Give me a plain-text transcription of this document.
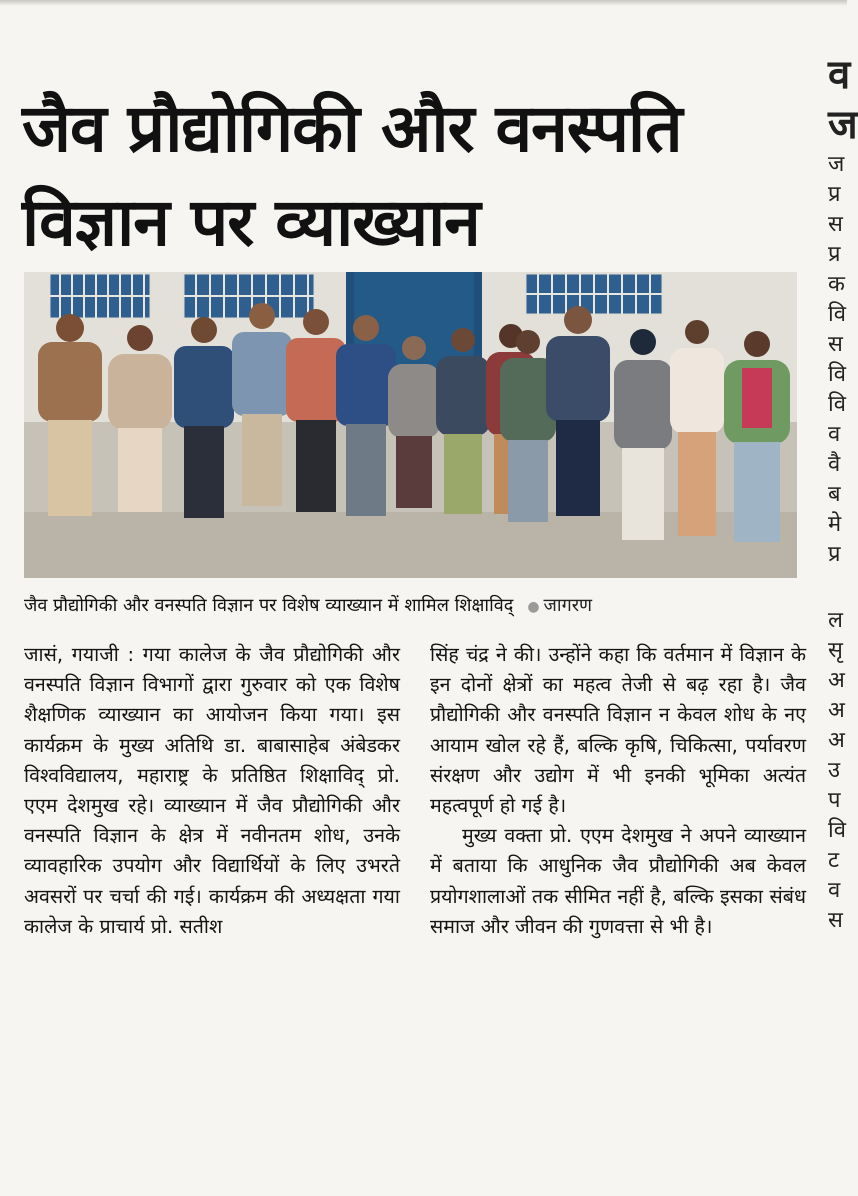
जैव प्रौद्योगिकी और वनस्पति
विज्ञान पर व्याख्यान
जैव प्रौद्योगिकी और वनस्पति विज्ञान पर विशेष व्याख्यान में शामिल शिक्षाविद् ● जागरण

जासं, गयाजी : गया कालेज के जैव प्रौद्योगिकी और वनस्पति विज्ञान विभागों द्वारा गुरुवार को एक विशेष शैक्षणिक व्याख्यान का आयोजन किया गया। इस कार्यक्रम के मुख्य अतिथि डा. बाबासाहेब अंबेडकर विश्वविद्यालय, महाराष्ट्र के प्रतिष्ठित शिक्षाविद् प्रो. एएम देशमुख रहे। व्याख्यान में जैव प्रौद्योगिकी और वनस्पति विज्ञान के क्षेत्र में नवीनतम शोध, उनके व्यावहारिक उपयोग और विद्यार्थियों के लिए उभरते अवसरों पर चर्चा की गई। कार्यक्रम की अध्यक्षता गया कालेज के प्राचार्य प्रो. सतीश

सिंह चंद्र ने की। उन्होंने कहा कि वर्तमान में विज्ञान के इन दोनों क्षेत्रों का महत्व तेजी से बढ़ रहा है। जैव प्रौद्योगिकी और वनस्पति विज्ञान न केवल शोध के नए आयाम खोल रहे हैं, बल्कि कृषि, चिकित्सा, पर्यावरण संरक्षण और उद्योग में भी इनकी भूमिका अत्यंत महत्वपूर्ण हो गई है।

मुख्य वक्ता प्रो. एएम देशमुख ने अपने व्याख्यान में बताया कि आधुनिक जैव प्रौद्योगिकी अब केवल प्रयोगशालाओं तक सीमित नहीं है, बल्कि इसका संबंध समाज और जीवन की गुणवत्ता से भी है।

व
ज
ज
प्र
स
प्र
क
वि
स
वि
वि
व
वै
ब
मे
प्र
ल
सृ
अ
अ
अ
उ
प
वि
ट
व
स
